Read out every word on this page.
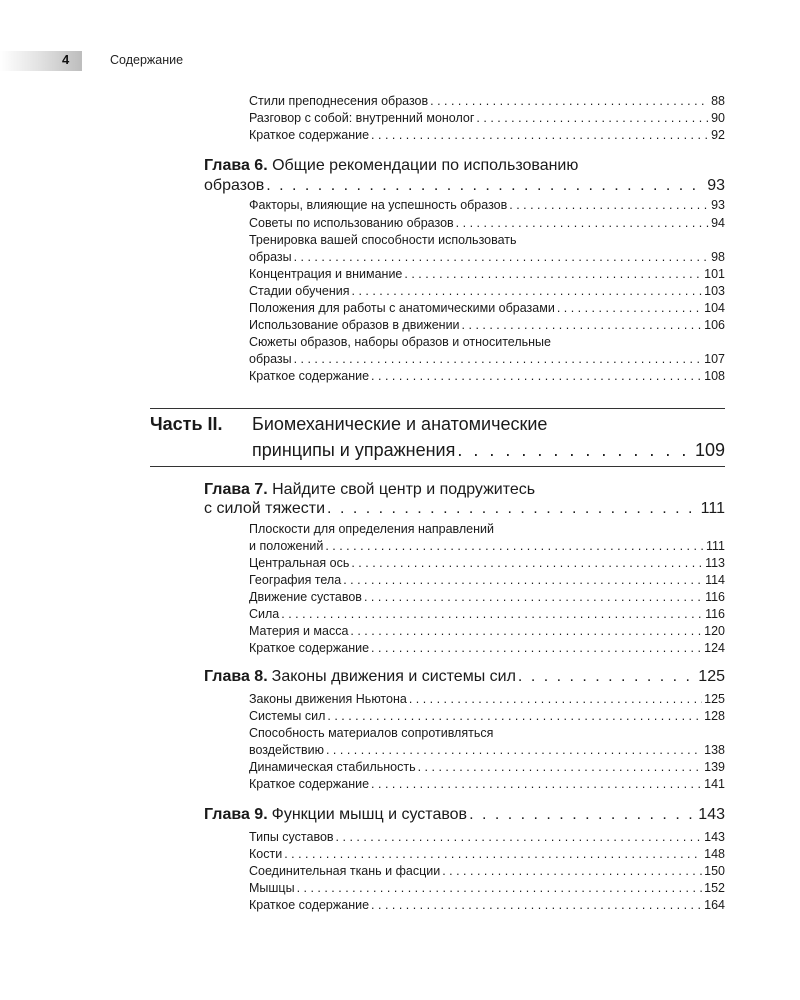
4	Содержание
Стили преподнесения образов . . .	88
Разговор с собой: внутренний монолог . . .	90
Краткое содержание . . .	92
Глава 6. Общие рекомендации по использованию
образов . . .	93
Факторы, влияющие на успешность образов . . .	93
Советы по использованию образов . . .	94
Тренировка вашей способности использовать
образы . . .	98
Концентрация и внимание . . .	101
Стадии обучения . . .	103
Положения для работы с анатомическими образами . . .	104
Использование образов в движении . . .	106
Сюжеты образов, наборы образов и относительные
образы . . .	107
Краткое содержание . . .	108
Часть II. Биомеханические и анатомические
принципы и упражнения . . .	109
Глава 7. Найдите свой центр и подружитесь
с силой тяжести . . .	111
Плоскости для определения направлений
и положений . . .	111
Центральная ось . . .	113
География тела . . .	114
Движение суставов . . .	116
Сила . . .	116
Материя и масса . . .	120
Краткое содержание . . .	124
Глава 8. Законы движения и системы сил . . .	125
Законы движения Ньютона . . .	125
Системы сил . . .	128
Способность материалов сопротивляться
воздействию . . .	138
Динамическая стабильность . . .	139
Краткое содержание . . .	141
Глава 9. Функции мышц и суставов . . .	143
Типы суставов . . .	143
Кости . . .	148
Соединительная ткань и фасции . . .	150
Мышцы . . .	152
Краткое содержание . . .	164
